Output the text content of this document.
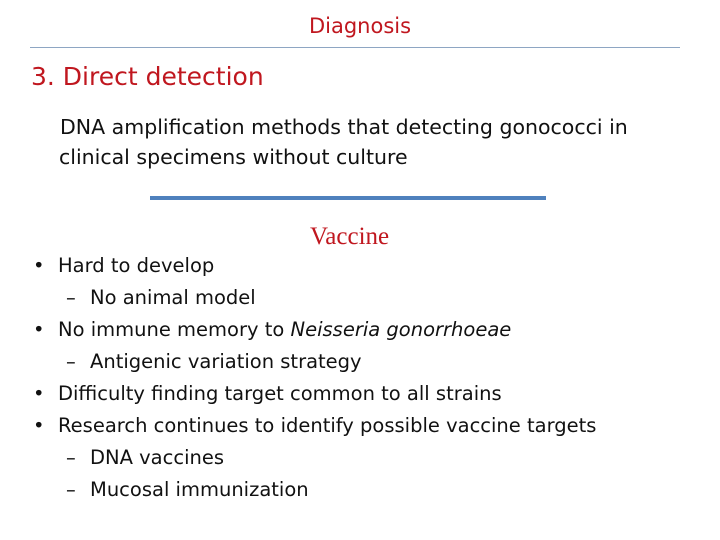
Diagnosis
3. Direct detection
DNA amplification methods that detecting gonococci in
clinical specimens without culture
Vaccine
• Hard to develop
– No animal model
• No immune memory to Neisseria gonorrhoeae
– Antigenic variation strategy
• Difficulty finding target common to all strains
• Research continues to identify possible vaccine targets
– DNA vaccines
– Mucosal immunization
